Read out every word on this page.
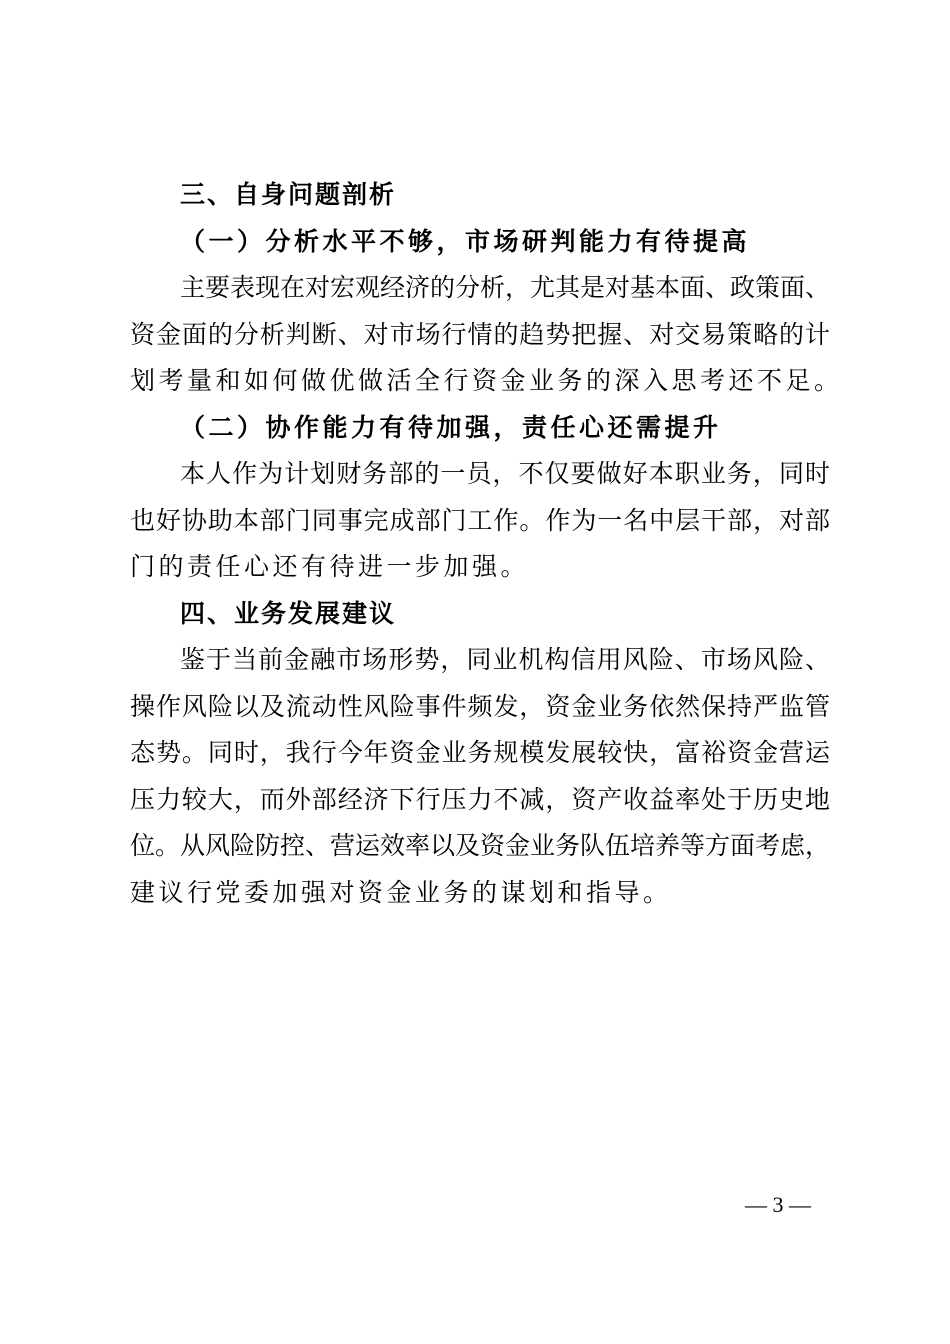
三、自身问题剖析
（一）分析水平不够，市场研判能力有待提高
主要表现在对宏观经济的分析，尤其是对基本面、政策面、
资金面的分析判断、对市场行情的趋势把握、对交易策略的计
划考量和如何做优做活全行资金业务的深入思考还不足。
（二）协作能力有待加强，责任心还需提升
本人作为计划财务部的一员，不仅要做好本职业务，同时
也好协助本部门同事完成部门工作。作为一名中层干部，对部
门的责任心还有待进一步加强。
四、业务发展建议
鉴于当前金融市场形势，同业机构信用风险、市场风险、
操作风险以及流动性风险事件频发，资金业务依然保持严监管
态势。同时，我行今年资金业务规模发展较快，富裕资金营运
压力较大，而外部经济下行压力不减，资产收益率处于历史地
位。从风险防控、营运效率以及资金业务队伍培养等方面考虑，
建议行党委加强对资金业务的谋划和指导。
— 3 —
